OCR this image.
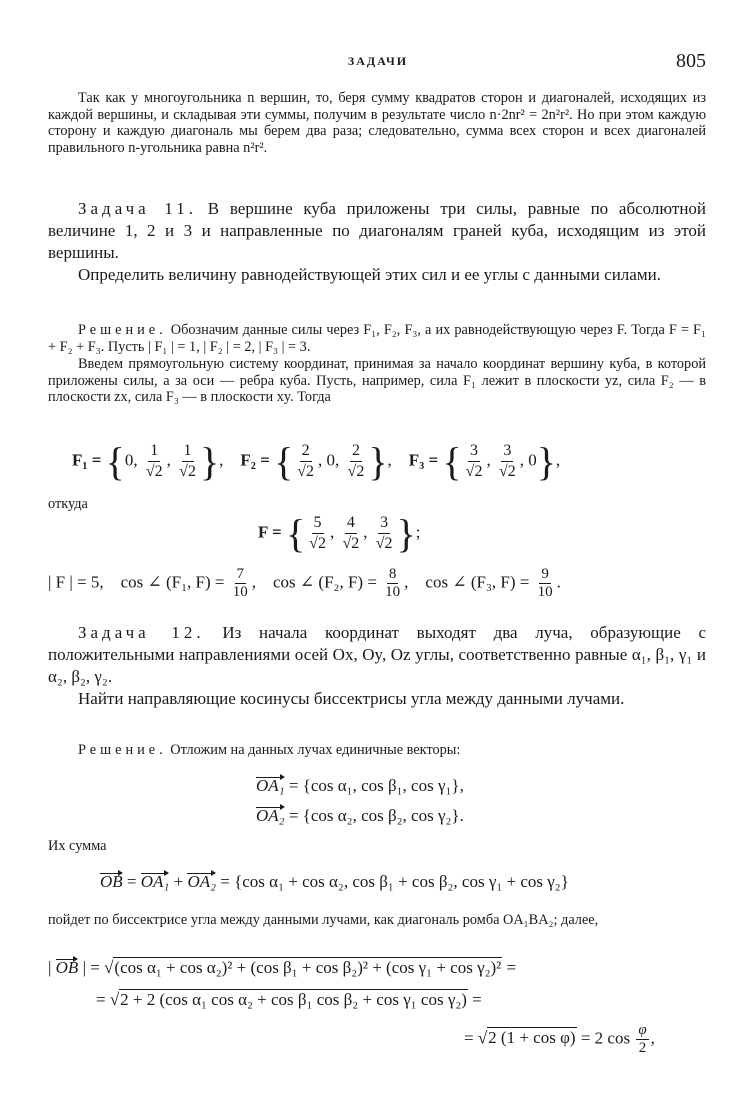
ЗАДАЧИ	805
Так как у многоугольника n вершин, то, беря сумму квадратов сторон и диагоналей, исходящих из каждой вершины, и складывая эти суммы, получим в результате число n·2nr² = 2n²r². Но при этом каждую сторону и каждую диагональ мы берем два раза; следовательно, сумма всех сторон и всех диагоналей правильного n-угольника равна n²r².
Задача 11. В вершине куба приложены три силы, равные по абсолютной величине 1, 2 и 3 и направленные по диагоналям граней куба, исходящим из этой вершины.
Определить величину равнодействующей этих сил и ее углы с данными силами.
Решение. Обозначим данные силы через F₁, F₂, F₃, а их равнодействующую через F. Тогда F = F₁ + F₂ + F₃. Пусть | F₁ | = 1, | F₂ | = 2, | F₃ | = 3.
Введем прямоугольную систему координат, принимая за начало координат вершину куба, в которой приложены силы, а за оси — ребра куба. Пусть, например, сила F₁ лежит в плоскости yz, сила F₂ — в плоскости zx, сила F₃ — в плоскости xy. Тогда
F₁ = {0, $\frac{1}{√2}$ , $\frac{1}{√2}$ },    F₂ = { $\frac{2}{√2}$ , 0, $\frac{2}{√2}$ },    F₃ = { $\frac{3}{√2}$ , $\frac{3}{√2}$ , 0},
откуда
F = { $\frac{5}{√2}$ , $\frac{4}{√2}$ , $\frac{3}{√2}$ };
| F | = 5, cos ∠ (F₁, $F) = \frac{7}{10}$ ,    cos ∠ (F₂, $F) = \frac{8}{10}$ ,    cos ∠ (F₃, $F) = \frac{9}{10}$ .
Задача 12. Из начала координат выходят два луча, образующие с положительными направлениями осей Ox, Oy, Oz углы, соответственно равные α₁, β₁, γ₁ и α₂, β₂, γ₂.
Найти направляющие косинусы биссектрисы угла между данными лучами.
Решение. Отложим на данных лучах единичные векторы:
OA₁ = {cos α₁, cos β₁, cos γ₁},
OA₂ = {cos α₂, cos β₂, cos γ₂}.
Их сумма
OB = OA₁ + OA₂ = {cos α₁ + cos α₂, cos β₁ + cos β₂, cos γ₁ + cos γ₂}
пойдет по биссектрисе угла между данными лучами, как диагональ ромба OA₁BA₂; далее,
| OB | = √(cos α₁ + cos α₂)² + (cos β₁ + cos β₂)² + (cos γ₁ + cos γ₂)² =
= √2 + 2 (cos α₁ cos α₂ + cos β₁ cos β₂ + cos γ₁ cos γ₂) =
= √2 (1 + cos φ) = 2 $\cos \frac{\varphi}{2}$ ,
